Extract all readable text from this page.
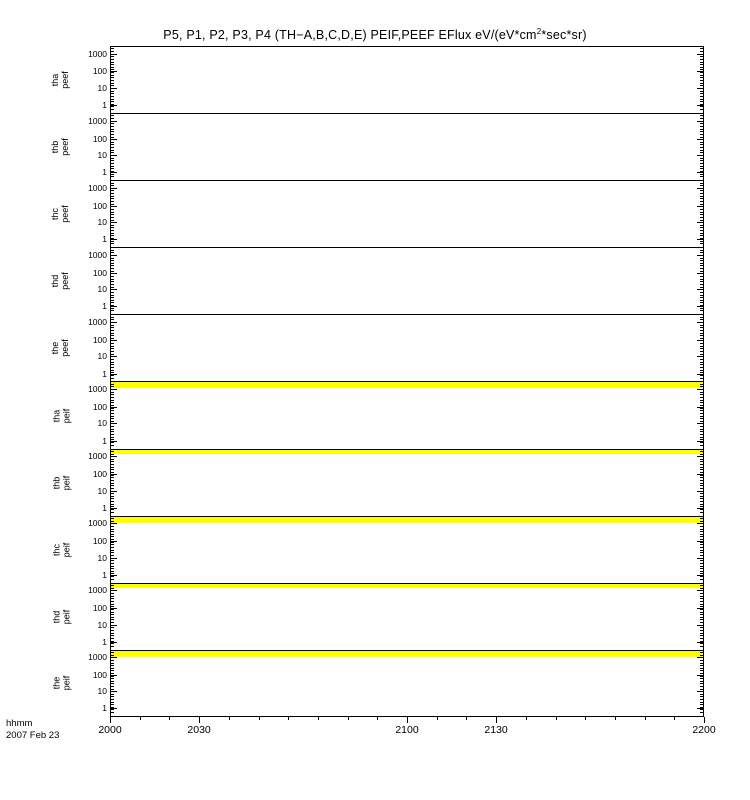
P5, P1, P2, P3, P4 (TH−A,B,C,D,E) PEIF,PEEF EFlux $eV/(eV*cm^2*\sec*sr)$
1000
100
10
1
tha peef
1000
100
10
1
thb peef
1000
100
10
1
thc peef
1000
100
10
1
thd peef
1000
100
10
1
the peef
1000
100
10
1
tha peif
1000
100
10
1
thb peif
1000
100
10
1
thc peif
1000
100
10
1
thd peif
1000
100
10
1
the peif
2000	2030	2100	2130	2200
hhmm
2007 Feb 23
